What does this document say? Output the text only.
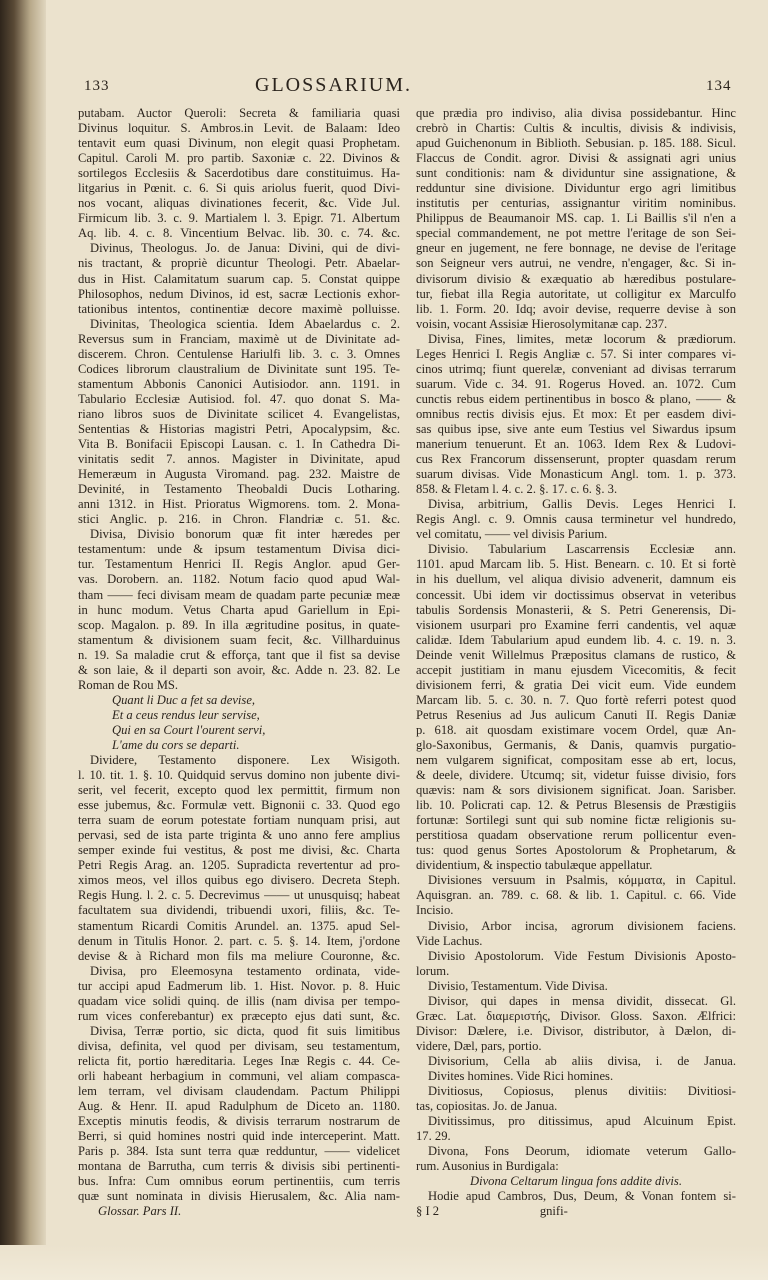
133	GLOSSARIUM.	134
putabam. Auctor Queroli: Secreta & familiaria quasi
Divinus loquitur. S. Ambros.in Levit. de Balaam: Ideo
tentavit eum quasi Divinum, non elegit quasi Prophetam.
Capitul. Caroli M. pro partib. Saxoniæ c. 22. Divinos &
sortilegos Ecclesiis & Sacerdotibus dare constituimus. Ha-
litgarius in Pœnit. c. 6. Si quis ariolus fuerit, quod Divi-
nos vocant, aliquas divinationes fecerit, &c. Vide Jul.
Firmicum lib. 3. c. 9. Martialem l. 3. Epigr. 71. Albertum
Aq. lib. 4. c. 8. Vincentium Belvac. lib. 30. c. 74. &c.
Divinus, Theologus. Jo. de Janua: Divini, qui de divi-
nis tractant, & propriè dicuntur Theologi. Petr. Abaelar-
dus in Hist. Calamitatum suarum cap. 5. Constat quippe
Philosophos, nedum Divinos, id est, sacræ Lectionis exhor-
tationibus intentos, continentiæ decore maximè polluisse.
Divinitas, Theologica scientia. Idem Abaelardus c. 2.
Reversus sum in Franciam, maximè ut de Divinitate ad-
discerem. Chron. Centulense Hariulfi lib. 3. c. 3. Omnes
Codices librorum claustralium de Divinitate sunt 195. Te-
stamentum Abbonis Canonici Autisiodor. ann. 1191. in
Tabulario Ecclesiæ Autisiod. fol. 47. quo donat S. Ma-
riano libros suos de Divinitate scilicet 4. Evangelistas,
Sententias & Historias magistri Petri, Apocalypsim, &c.
Vita B. Bonifacii Episcopi Lausan. c. 1. In Cathedra Di-
vinitatis sedit 7. annos. Magister in Divinitate, apud
Hemeræum in Augusta Viromand. pag. 232. Maistre de
Devinité, in Testamento Theobaldi Ducis Lotharing.
anni 1312. in Hist. Prioratus Wigmorens. tom. 2. Mona-
stici Anglic. p. 216. in Chron. Flandriæ c. 51. &c.
Divisa, Divisio bonorum quæ fit inter hæredes per
testamentum: unde & ipsum testamentum Divisa dici-
tur. Testamentum Henrici II. Regis Anglor. apud Ger-
vas. Dorobern. an. 1182. Notum facio quod apud Wal-
tham —— feci divisam meam de quadam parte pecuniæ meæ
in hunc modum. Vetus Charta apud Gariellum in Epi-
scop. Magalon. p. 89. In illa ægritudine positus, in quate-
stamentum & divisionem suam fecit, &c. Villharduinus
n. 19. Sa maladie crut & efforça, tant que il fist sa devise
& son laie, & il departi son avoir, &c. Adde n. 23. 82. Le
Roman de Rou MS.
Quant li Duc a fet sa devise,
Et a ceus rendus leur servise,
Qui en sa Court l'ourent servi,
L'ame du cors se departi.
Dividere, Testamento disponere. Lex Wisigoth.
l. 10. tit. 1. §. 10. Quidquid servus domino non jubente divi-
serit, vel fecerit, excepto quod lex permittit, firmum non
esse jubemus, &c. Formulæ vett. Bignonii c. 33. Quod ego
terra suam de eorum potestate fortiam nunquam prisi, aut
pervasi, sed de ista parte triginta & uno anno fere amplius
semper exinde fui vestitus, & post me divisi, &c. Charta
Petri Regis Arag. an. 1205. Supradicta revertentur ad pro-
ximos meos, vel illos quibus ego divisero. Decreta Steph.
Regis Hung. l. 2. c. 5. Decrevimus —— ut unusquisq; habeat
facultatem sua dividendi, tribuendi uxori, filiis, &c. Te-
stamentum Ricardi Comitis Arundel. an. 1375. apud Sel-
denum in Titulis Honor. 2. part. c. 5. §. 14. Item, j'ordone
devise & à Richard mon fils ma meliure Couronne, &c.
Divisa, pro Eleemosyna testamento ordinata, vide-
tur accipi apud Eadmerum lib. 1. Hist. Novor. p. 8. Huic
quadam vice solidi quinq. de illis (nam divisa per tempo-
rum vices conferebantur) ex præcepto ejus dati sunt, &c.
Divisa, Terræ portio, sic dicta, quod fit suis limitibus
divisa, definita, vel quod per divisam, seu testamentum,
relicta fit, portio hæreditaria. Leges Inæ Regis c. 44. Ce-
orli habeant herbagium in communi, vel aliam compasca-
lem terram, vel divisam claudendam. Pactum Philippi
Aug. & Henr. II. apud Radulphum de Diceto an. 1180.
Exceptis minutis feodis, & divisis terrarum nostrarum de
Berri, si quid homines nostri quid inde interceperint. Matt.
Paris p. 384. Ista sunt terra quæ redduntur, —— videlicet
montana de Barrutha, cum terris & divisis sibi pertinenti-
bus. Infra: Cum omnibus eorum pertinentiis, cum terris
quæ sunt nominata in divisis Hierusalem, &c. Alia nam-
Glossar. Pars II.
que prædia pro indiviso, alia divisa possidebantur. Hinc
crebrò in Chartis: Cultis & incultis, divisis & indivisis,
apud Guichenonum in Biblioth. Sebusian. p. 185. 188. Sicul.
Flaccus de Condit. agror. Divisi & assignati agri unius
sunt conditionis: nam & dividuntur sine assignatione, &
redduntur sine divisione. Dividuntur ergo agri limitibus
institutis per centurias, assignantur viritim nominibus.
Philippus de Beaumanoir MS. cap. 1. Li Baillis s'il n'en a
special commandement, ne pot mettre l'eritage de son Sei-
gneur en jugement, ne fere bonnage, ne devise de l'eritage
son Seigneur vers autrui, ne vendre, n'engager, &c. Si in-
divisorum divisio & exæquatio ab hæredibus postulare-
tur, fiebat illa Regia autoritate, ut colligitur ex Marculfo
lib. 1. Form. 20. Idq; avoir devise, requerre devise à son
voisin, vocant Assisiæ Hierosolymitanæ cap. 237.
Divisa, Fines, limites, metæ locorum & prædiorum.
Leges Henrici I. Regis Angliæ c. 57. Si inter compares vi-
cinos utrimq; fiunt querelæ, conveniant ad divisas terrarum
suarum. Vide c. 34. 91. Rogerus Hoved. an. 1072. Cum
cunctis rebus eidem pertinentibus in bosco & plano, —— &
omnibus rectis divisis ejus. Et mox: Et per easdem divi-
sas quibus ipse, sive ante eum Testius vel Siwardus ipsum
manerium tenuerunt. Et an. 1063. Idem Rex & Ludovi-
cus Rex Francorum dissenserunt, propter quasdam rerum
suarum divisas. Vide Monasticum Angl. tom. 1. p. 373.
858. & Fletam l. 4. c. 2. §. 17. c. 6. §. 3.
Divisa, arbitrium, Gallis Devis. Leges Henrici I.
Regis Angl. c. 9. Omnis causa terminetur vel hundredo,
vel comitatu, —— vel divisis Parium.
Divisio. Tabularium Lascarrensis Ecclesiæ ann.
1101. apud Marcam lib. 5. Hist. Benearn. c. 10. Et si fortè
in his duellum, vel aliqua divisio advenerit, damnum eis
concessit. Ubi idem vir doctissimus observat in veteribus
tabulis Sordensis Monasterii, & S. Petri Generensis, Di-
visionem usurpari pro Examine ferri candentis, vel aquæ
calidæ. Idem Tabularium apud eundem lib. 4. c. 19. n. 3.
Deinde venit Willelmus Præpositus clamans de rustico, &
accepit justitiam in manu ejusdem Vicecomitis, & fecit
divisionem ferri, & gratia Dei vicit eum. Vide eundem
Marcam lib. 5. c. 30. n. 7. Quo fortè referri potest quod
Petrus Resenius ad Jus aulicum Canuti II. Regis Daniæ
p. 618. ait quosdam existimare vocem Ordel, quæ An-
glo-Saxonibus, Germanis, & Danis, quamvis purgatio-
nem vulgarem significat, compositam esse ab ert, locus,
& deele, dividere. Utcumq; sit, videtur fuisse divisio, fors
quævis: nam & sors divisionem significat. Joan. Sarisber.
lib. 10. Policrati cap. 12. & Petrus Blesensis de Præstigiis
fortunæ: Sortilegi sunt qui sub nomine fictæ religionis su-
perstitiosa quadam observatione rerum pollicentur even-
tus: quod genus Sortes Apostolorum & Prophetarum, &
dividentium, & inspectio tabulæque appellatur.
Divisiones versuum in Psalmis, κόμματα, in Capitul.
Aquisgran. an. 789. c. 68. & lib. 1. Capitul. c. 66. Vide
Incisio.
Divisio, Arbor incisa, agrorum divisionem faciens.
Vide Lachus.
Divisio Apostolorum. Vide Festum Divisionis Aposto-
lorum.
Divisio, Testamentum. Vide Divisa.
Divisor, qui dapes in mensa dividit, dissecat. Gl.
Græc. Lat. διαμεριστής, Divisor. Gloss. Saxon. Ælfrici:
Divisor: Dælere, i.e. Divisor, distributor, à Dælon, di-
videre, Dæl, pars, portio.
Divisorium, Cella ab aliis divisa, i. de Janua.
Divites homines. Vide Rici homines.
Divitiosus, Copiosus, plenus divitiis: Divitiosi-
tas, copiositas. Jo. de Janua.
Divitissimus, pro ditissimus, apud Alcuinum Epist.
17. 29.
Divona, Fons Deorum, idiomate veterum Gallo-
rum. Ausonius in Burdigala:
Divona Celtarum lingua fons addite divis.
Hodie apud Cambros, Dus, Deum, & Vonan fontem si-
§ I 2                                gnifi-
